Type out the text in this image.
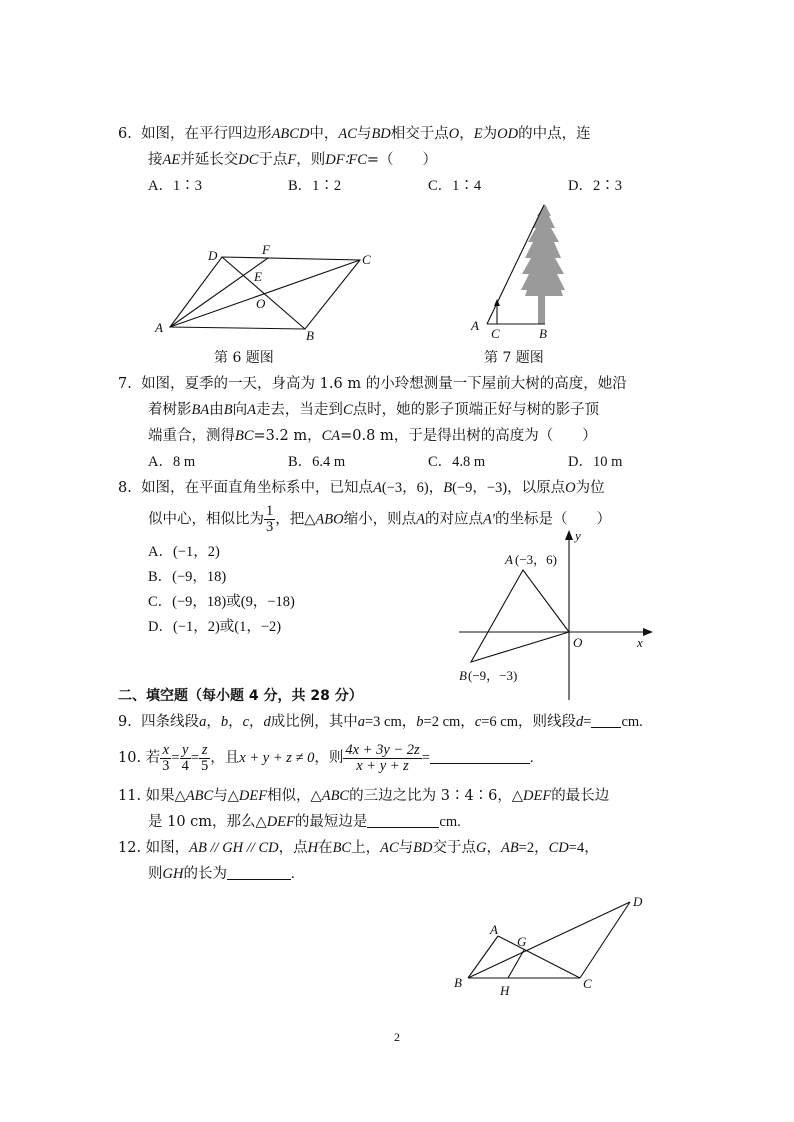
6. 如图，在平行四边形ABCD中，AC与BD相交于点O，E为OD的中点，连
接AE并延长交DC于点F，则DF∶FC=（　　）
A．1∶3	B．1∶2	C．1∶4	D．2∶3
D	F
C
E
O
A
B
第 6 题图
A
C	B
第 7 题图
7. 如图，夏季的一天，身高为 1.6 m 的小玲想测量一下屋前大树的高度，她沿
着树影BA由B向A走去，当走到C点时，她的影子顶端正好与树的影子顶
端重合，测得BC=3.2 m，CA=0.8 m，于是得出树的高度为（　　）
A．8 m	B．6.4 m	C．4.8 m	D．10 m
8. 如图，在平面直角坐标系中，已知点A(−3，6)，B(−9，−3)，以原点O为位
似中心，相似比为 $\frac{1}{3}$ ，把△ABO缩小，则点A的对应点A′的坐标是（　　）
A．(−1，2)
B．(−9，18)
C．(−9，18)或(9，−18)
D．(−1，2)或(1，−2)
y
x
O
A (−3，6)
B (−9，−3)
二、填空题（每小题 4 分，共 28 分）
9. 四条线段a，b，c，d成比例，其中a=3 cm，b=2 cm，c=6 cm，则线段d= cm.
10. 若 $\frac{x}{3} = \frac{y}{4} = \frac{z}{5}$ ，且x + y + z ≠ 0，则 $\frac{4x + 3y - 2z}{x + y + z}$ =	.
11. 如果△ABC与△DEF相似，△ABC的三边之比为 3∶4∶6，△DEF的最长边
是 10 cm，那么△DEF的最短边是	cm.
12. 如图，AB // GH // CD，点H在BC上，AC与BD交于点G，AB=2，CD=4，
则GH的长为	.
D
A
G
B
H	C
2
